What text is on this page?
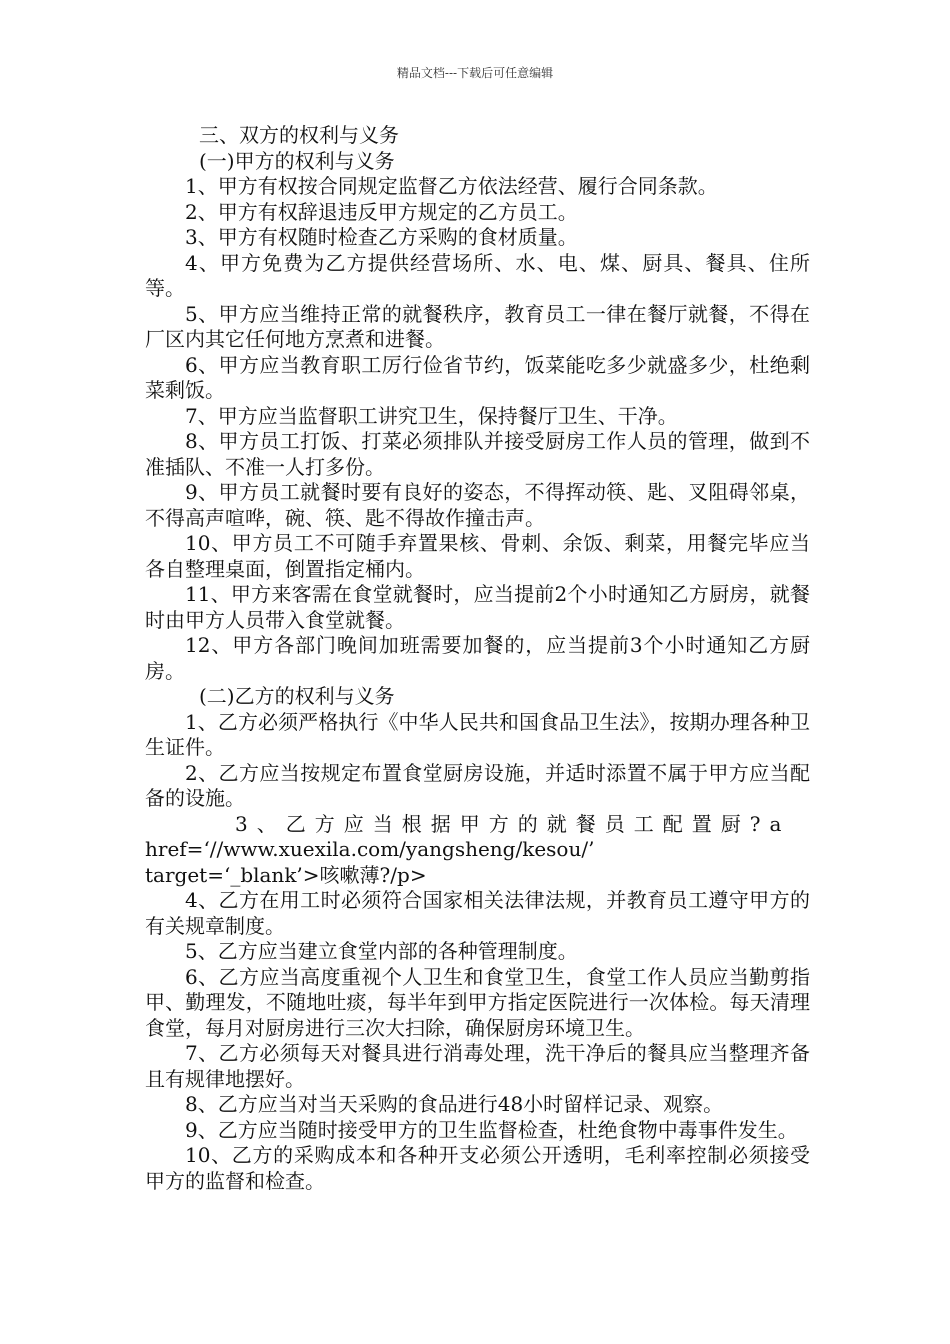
精品文档---下载后可任意编辑

三、双方的权利与义务

(一)甲方的权利与义务

1、甲方有权按合同规定监督乙方依法经营、履行合同条款。

2、甲方有权辞退违反甲方规定的乙方员工。

3、甲方有权随时检查乙方采购的食材质量。

4、甲方免费为乙方提供经营场所、水、电、煤、厨具、餐具、住所等。

5、甲方应当维持正常的就餐秩序，教育员工一律在餐厅就餐，不得在厂区内其它任何地方烹煮和进餐。

6、甲方应当教育职工厉行俭省节约，饭菜能吃多少就盛多少，杜绝剩菜剩饭。

7、甲方应当监督职工讲究卫生，保持餐厅卫生、干净。

8、甲方员工打饭、打菜必须排队并接受厨房工作人员的管理，做到不准插队、不准一人打多份。

9、甲方员工就餐时要有良好的姿态，不得挥动筷、匙、叉阻碍邻桌，不得高声喧哗，碗、筷、匙不得故作撞击声。

10、甲方员工不可随手弃置果核、骨刺、余饭、剩菜，用餐完毕应当各自整理桌面，倒置指定桶内。

11、甲方来客需在食堂就餐时，应当提前2个小时通知乙方厨房，就餐时由甲方人员带入食堂就餐。

12、甲方各部门晚间加班需要加餐的，应当提前3个小时通知乙方厨房。

(二)乙方的权利与义务

1、乙方必须严格执行《中华人民共和国食品卫生法》，按期办理各种卫生证件。

2、乙方应当按规定布置食堂厨房设施，并适时添置不属于甲方应当配备的设施。

3、乙方应当根据甲方的就餐员工配置厨?a

href=‘//www.xuexila.com/yangsheng/kesou/’

target=‘_blank’>咳嗽薄?/p>

4、乙方在用工时必须符合国家相关法律法规，并教育员工遵守甲方的有关规章制度。

5、乙方应当建立食堂内部的各种管理制度。

6、乙方应当高度重视个人卫生和食堂卫生，食堂工作人员应当勤剪指甲、勤理发，不随地吐痰，每半年到甲方指定医院进行一次体检。每天清理食堂，每月对厨房进行三次大扫除，确保厨房环境卫生。

7、乙方必须每天对餐具进行消毒处理，洗干净后的餐具应当整理齐备且有规律地摆好。

8、乙方应当对当天采购的食品进行48小时留样记录、观察。

9、乙方应当随时接受甲方的卫生监督检查，杜绝食物中毒事件发生。

10、乙方的采购成本和各种开支必须公开透明，毛利率控制必须接受甲方的监督和检查。
